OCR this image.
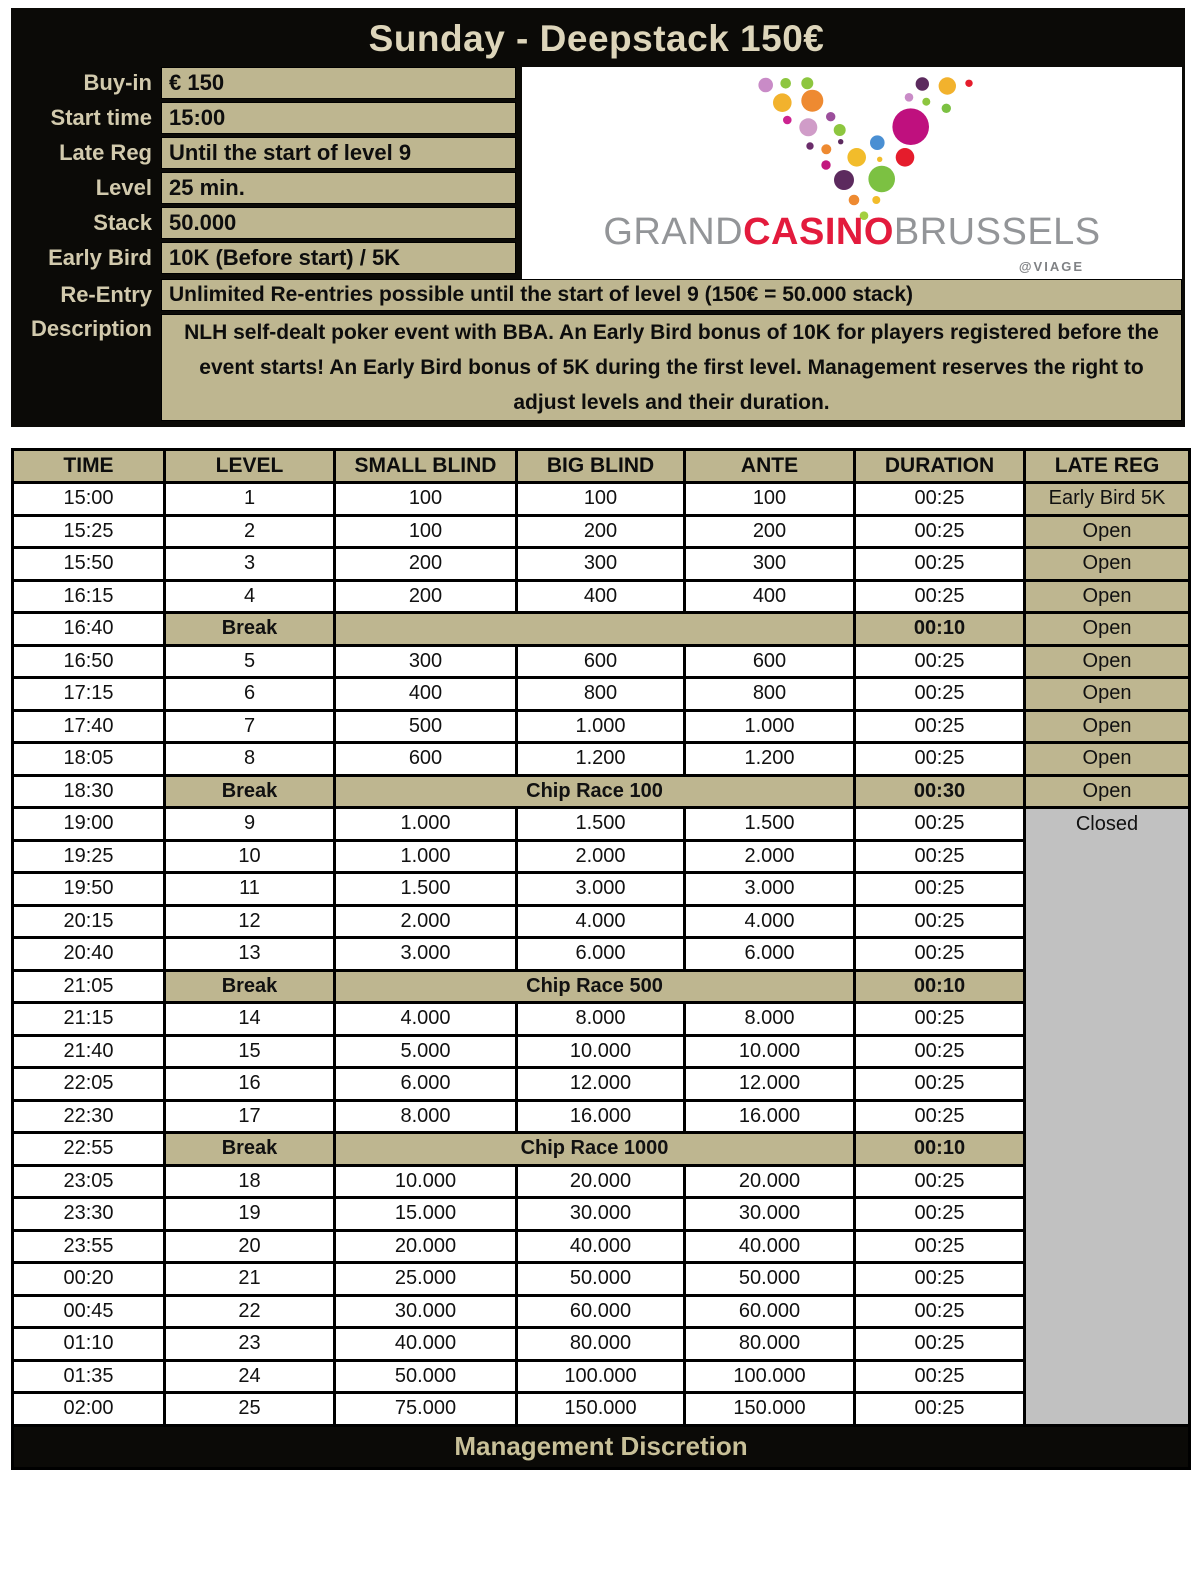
Sunday - Deepstack 150€
Buy-in € 150
Start time 15:00
Late Reg Until the start of level 9
Level 25 min.
Stack 50.000
Early Bird 10K (Before start) / 5K
GRANDCASINOBRUSSELS
@VIAGE
Re-Entry Unlimited Re-entries possible until the start of level 9 (150€ = 50.000 stack)
Description	NLH self-dealt poker event with BBA. An Early Bird bonus of 10K for players registered before the event starts! An Early Bird bonus of 5K during the first level. Management reserves the right to adjust levels and their duration.
TIME	LEVEL	SMALL BLIND	BIG BLIND	ANTE	DURATION	LATE REG
15:00	1	100	100	100	00:25	Early Bird 5K
15:25	2	100	200	200	00:25	Open
15:50	3	200	300	300	00:25	Open
16:15	4	200	400	400	00:25	Open
16:40	Break				00:10	Open
16:50	5	300	600	600	00:25	Open
17:15	6	400	800	800	00:25	Open
17:40	7	500	1.000	1.000	00:25	Open
18:05	8	600	1.200	1.200	00:25	Open
18:30	Break	Chip Race 100			00:30	Open
19:00	9	1.000	1.500	1.500	00:25	Closed
19:25	10	1.000	2.000	2.000	00:25	
19:50	11	1.500	3.000	3.000	00:25	
20:15	12	2.000	4.000	4.000	00:25	
20:40	13	3.000	6.000	6.000	00:25	
21:05	Break	Chip Race 500			00:10	
21:15	14	4.000	8.000	8.000	00:25	
21:40	15	5.000	10.000	10.000	00:25	
22:05	16	6.000	12.000	12.000	00:25	
22:30	17	8.000	16.000	16.000	00:25	
22:55	Break	Chip Race 1000			00:10	
23:05	18	10.000	20.000	20.000	00:25	
23:30	19	15.000	30.000	30.000	00:25	
23:55	20	20.000	40.000	40.000	00:25	
00:20	21	25.000	50.000	50.000	00:25	
00:45	22	30.000	60.000	60.000	00:25	
01:10	23	40.000	80.000	80.000	00:25	
01:35	24	50.000	100.000	100.000	00:25	
02:00	25	75.000	150.000	150.000	00:25	
Management Discretion						
